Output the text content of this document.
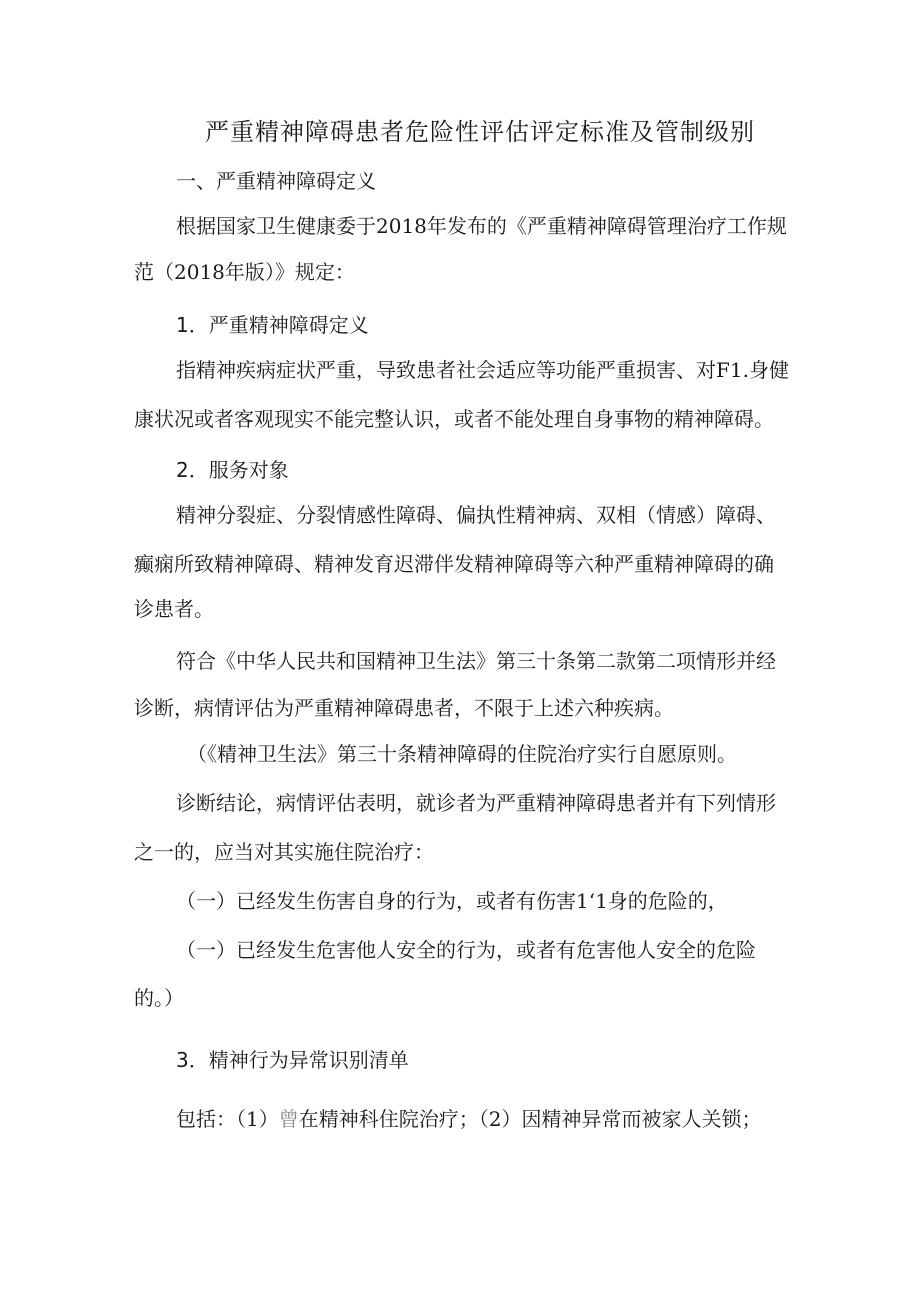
严重精神障碍患者危险性评估评定标准及管制级别
一、严重精神障碍定义
根据国家卫生健康委于2018年发布的《严重精神障碍管理治疗工作规
范（2018年版）》规定：
1．严重精神障碍定义
指精神疾病症状严重，导致患者社会适应等功能严重损害、对F1.身健
康状况或者客观现实不能完整认识，或者不能处理自身事物的精神障碍。
2．服务对象
精神分裂症、分裂情感性障碍、偏执性精神病、双相（情感）障碍、
癫痫所致精神障碍、精神发育迟滞伴发精神障碍等六种严重精神障碍的确
诊患者。
符合《中华人民共和国精神卫生法》第三十条第二款第二项情形并经
诊断，病情评估为严重精神障碍患者，不限于上述六种疾病。
（《精神卫生法》第三十条精神障碍的住院治疗实行自愿原则。
诊断结论，病情评估表明，就诊者为严重精神障碍患者并有下列情形
之一的，应当对其实施住院治疗：
（一）已经发生伤害自身的行为，或者有伤害1‘1身的危险的，
（一）已经发生危害他人安全的行为，或者有危害他人安全的危险
的。）
3．精神行为异常识别清单
包括：（1）曾在精神科住院治疗；（2）因精神异常而被家人关锁；
